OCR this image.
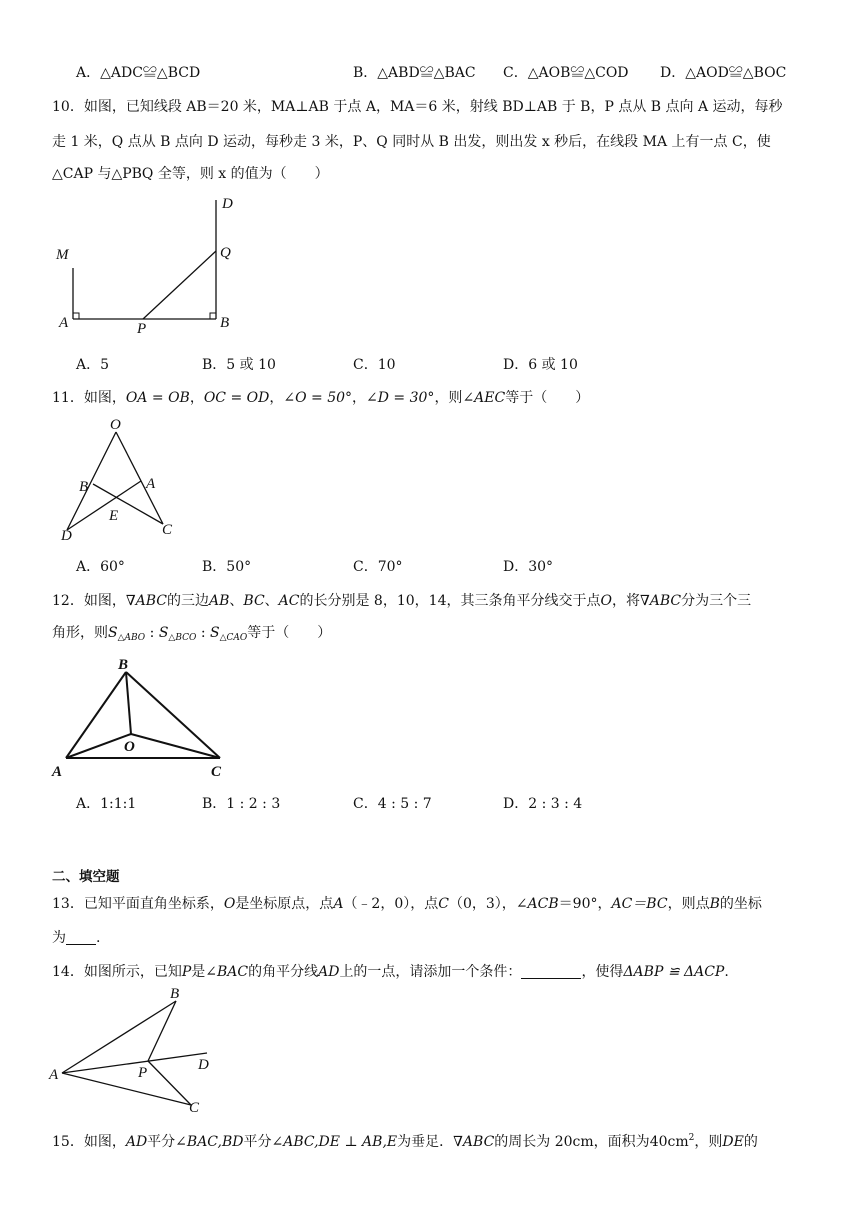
A．△ADC≌△BCD	B．△ABD≌△BAC C．△AOB≌△COD D．△AOD≌△BOC
10．如图，已知线段 AB＝20 米，MA⊥AB 于点 A，MA＝6 米，射线 BD⊥AB 于 B，P 点从 B 点向 A 运动，每秒
走 1 米，Q 点从 B 点向 D 运动，每秒走 3 米，P、Q 同时从 B 出发，则出发 x 秒后，在线段 MA 上有一点 C，使
△CAP 与△PBQ 全等，则 x 的值为（　　）
M
A	P	B
Q
D
A．5	B．5 或 10	C．10	D．6 或 10
11．如图，OA = OB，OC = OD，∠O = 50°，∠D = 30°，则∠AEC等于（　　）
O
B	A
E
D	C
A．60°	B．50°	C．70°	D．30°
12．如图，∇ABC的三边AB、BC、AC的长分别是 8，10，14，其三条角平分线交于点O，将∇ABC分为三个三
角形，则$S_{\triangle ABO}$ : $S_{\triangle BCO}$ : $S_{\triangle CAO}$等于（　　）
B
O
A	C
A．1:1:1	B．1 : 2 : 3	C．4 : 5 : 7	D．2 : 3 : 4
二、填空题
13．已知平面直角坐标系，O是坐标原点，点A（﹣2，0），点C（0，3），∠ACB＝90°，AC＝BC，则点B的坐标
为 .
14．如图所示，已知P是∠BAC的角平分线AD上的一点，请添加一个条件：	，使得ΔABP ≌ ΔACP.
A
B
P	D
C
15．如图，AD平分∠BAC,BD平分∠ABC,DE ⊥ AB,E为垂足．∇ABC的周长为 20cm，面积为$40cm^2$，则DE的
